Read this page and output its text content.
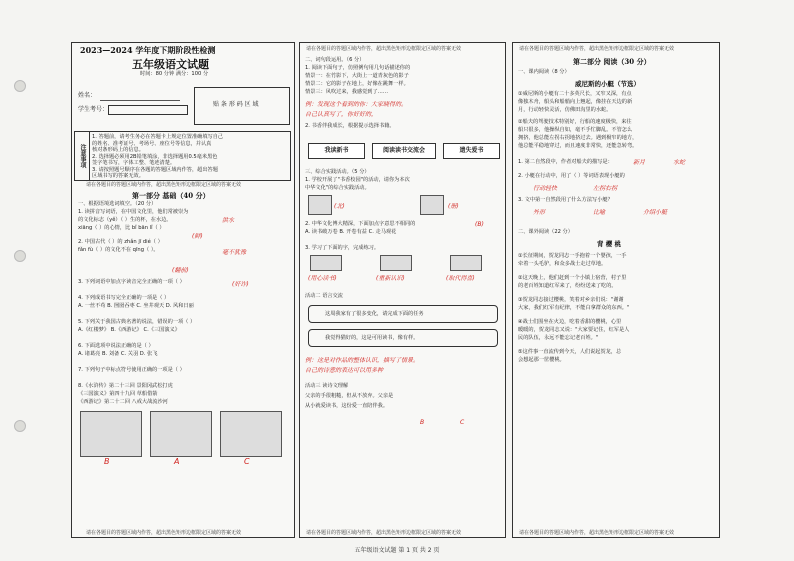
2023—2024 学年度下期阶段性检测
五年级语文试题
时间：80 分钟 满分：100 分
姓名：
学生考号：
贴 条 形 码 区 域
注意事项
1. 答题前，请考生务必在答题卡上规定位置准确填写自己
的姓名、准考证号、考场号、座位号等信息，并认真
核对条形码上的信息。
2. 选择题必须用2B铅笔填涂，非选择题用0.5毫米黑色
签字笔书写，字体工整、笔迹清楚。
3. 请按照题号顺序在各题的答题区域内作答，超出答题
区域书写的答案无效。
请在各题目的答题区域内作答，超出黑色矩形边框限定区域的答案无效
第一部分 基础（40 分）
一、根据语境选词填空。（20 分）
1. 读拼音写词语，在中国文化里，他们常被崇为
的文化标志（yě）（ ）生的杯，在水边。
xiāng（ ）的心情，比 bǐ bān lǐ（ ）
2. 中国古代（ ）的 zhǎn jī dié（ ）
fǎn fù（ ）的文化不在 qīng（ ）。
3. 下列词语中加点字读音完全正确的一项（ ）
4. 下列成语书写完全正确的一项是（ ）
A. 一丝不苟 B. 囫囵吞枣 C. 坐井观天 D. 风和日丽
5. 下列关于我国古典名著的说法，错误的一项（ ）
A.《红楼梦》 B.《西游记》 C.《三国演义》
6. 下面选项中说法正确的是（ ）
A. 诸葛亮 B. 刘备 C. 关羽 D. 张飞
7. 下列句子中标点符号使用正确的一项是（ ）
8.《水浒传》第二十三回 景阳冈武松打虎
《三国演义》第四十九回 草船借箭
《西游记》第二十二回 八戒大战流沙河
洪水
(鲜)
毫不犹豫
(翻前)
(奸诈)
B	A	C
请在各题目的答题区域内作答，超出黑色矩形边框限定区域的答案无效
请在各题目的答题区域内作答，超出黑色矩形边框限定区域的答案无效
二、词句段运用。（6 分）
1. 阅读下面句子，仿照例句用几句话描述你的
情景一：在竹影下，大街上一道青灰色的影子
情景二：它的影子在地上，好像在跳舞一样。
情景三：风吹过来，我感觉到了……
例：发现这个看到的你：大家晓得的。
自己认真写了，你好好的，
2. 书香伴我成长，根据提示选择书籍。
我读新书	阅读读书交流会	遗失爱书
三、综合实践活动。（5 分）
1. 学校开展了"书香校园"的活动，请你为本次
中华文化"的综合实践活动。
(北)	(册)
2. 中华文化博大精深，下面加点字意思不相同的	(B)
A. 读书破万卷 B. 开卷有益 C. 走马观花
3. 学习了下面的字，完成练习。
(用心读书)	(重新认识)	(取代得喜)
活动二 语言交流
这周我家有了很多变化，请完成下面的任务
我觉得猫好的，这是可用读书，像有样。
例：这是对作品的整体认识，描写了情景。
自己的诗意的表达可以用多种
活动三 读诗文理解
父亲的手很粗糙，但从不放弃。父亲是
从小就爱读书，这份爱一直陪伴我。
B	C
请在各题目的答题区域内作答，超出黑色矩形边框限定区域的答案无效
请在各题目的答题区域内作答，超出黑色矩形边框限定区域的答案无效
第二部分 阅读（30 分）
一、课内阅读（8 分）
威尼斯的小艇（节选）
①威尼斯的小艇有二十多英尺长，又窄又深，有点
像独木舟，船头和船艄向上翘起，像挂在天边的新
月，行动轻快灵活，仿佛田沟里的水蛇。
②船夫的驾驶技术特别好，行船的速度极快，来往
船只很多，他操纵自如，毫不手忙脚乱。不管怎么
拥挤，他总能左拐右拐地挤过去。遇到极窄的地方，
他总能平稳地穿过，而且速度非常快，还能急转弯。
1. 第二自然段中，作者对船夫的描写是：	新月	水蛇
2. 小艇在行动中，用了（ ）等词语表现小艇的
行动轻快	左拐右拐
3. 文中第一自然段用了什么方法写小艇？
外形	比喻	介绍小艇
二、课外阅读（22 分）
背 樱 桃
①长征期间，贺龙同志一手抱着一个婴孩，一手
牵着一头毛驴，和众多战士走过草地。
②这天晚上，他们赶到一个小镇上宿营，村子里
的老百姓知道红军来了，纷纷送来了吃的。
③贺龙同志接过樱桃，笑着对乡亲们说："谢谢
大家，我们红军有纪律，不能白拿群众的东西。"
④战士们围坐在火边，吃着香甜的樱桃，心里
暖暖的，贺龙同志又说："大家要记住，红军是人
民的队伍，永远不能忘记老百姓。"
⑤这件事一直流传到今天，人们说起贺龙，总
会想起那一筐樱桃。
请在各题目的答题区域内作答，超出黑色矩形边框限定区域的答案无效
五年级语文试题 第 1 页 共 2 页
